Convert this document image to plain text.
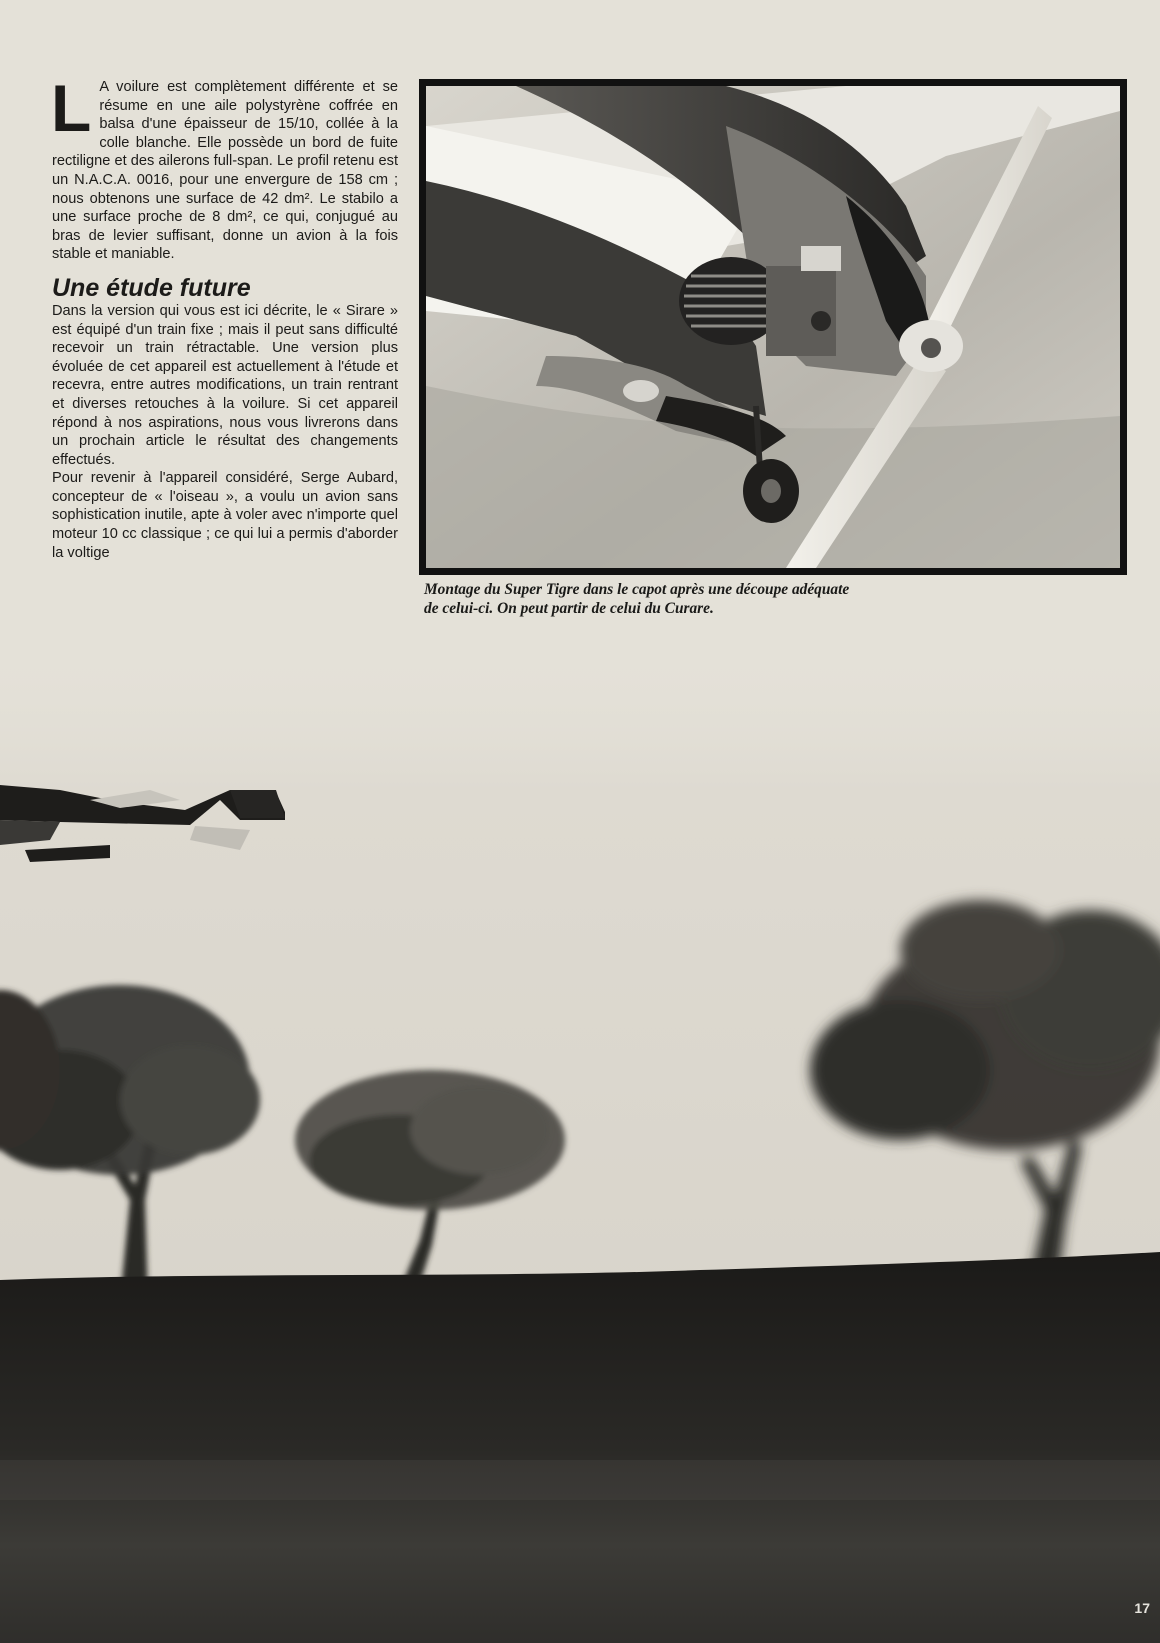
L A voilure est complètement différente et se résume en une aile polystyrène coffrée en balsa d'une épaisseur de 15/10, collée à la colle blanche. Elle possède un bord de fuite rectiligne et des ailerons full-span. Le profil retenu est un N.A.C.A. 0016, pour une envergure de 158 cm ; nous obtenons une surface de 42 dm². Le stabilo a une surface proche de 8 dm², ce qui, conjugué au bras de levier suffisant, donne un avion à la fois stable et maniable.

Une étude future

Dans la version qui vous est ici décrite, le « Sirare » est équipé d'un train fixe ; mais il peut sans difficulté recevoir un train rétractable. Une version plus évoluée de cet appareil est actuellement à l'étude et recevra, entre autres modifications, un train rentrant et diverses retouches à la voilure. Si cet appareil répond à nos aspirations, nous vous livrerons dans un prochain article le résultat des changements effectués.

Pour revenir à l'appareil considéré, Serge Aubard, concepteur de « l'oiseau », a voulu un avion sans sophistication inutile, apte à voler avec n'importe quel moteur 10 cc classique ; ce qui lui a permis d'aborder la voltige

Montage du Super Tigre dans le capot après une découpe adéquate
de celui-ci. On peut partir de celui du Curare.
17
